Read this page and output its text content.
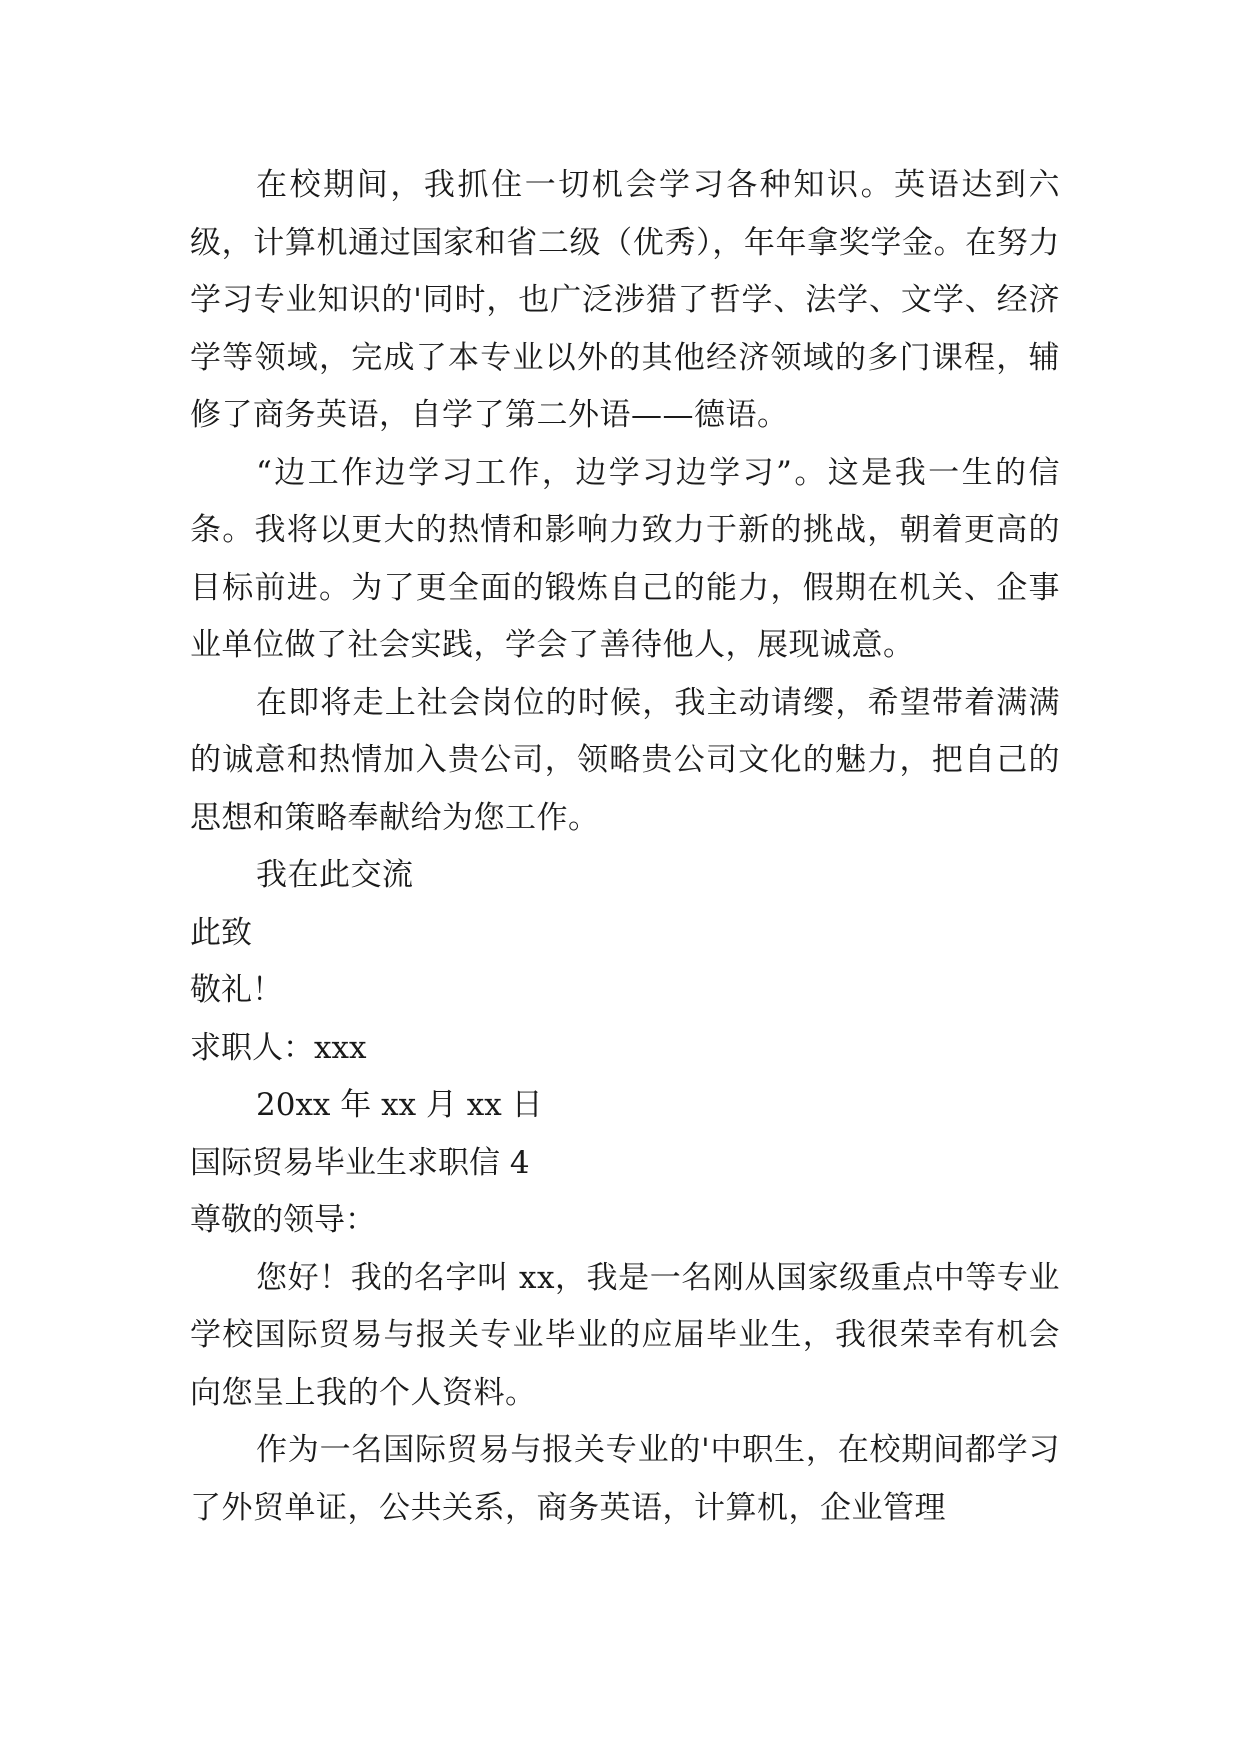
在校期间，我抓住一切机会学习各种知识。英语达到六级，计算机通过国家和省二级（优秀），年年拿奖学金。在努力学习专业知识的'同时，也广泛涉猎了哲学、法学、文学、经济学等领域，完成了本专业以外的其他经济领域的多门课程，辅修了商务英语，自学了第二外语——德语。

“边工作边学习工作，边学习边学习”。这是我一生的信条。我将以更大的热情和影响力致力于新的挑战，朝着更高的目标前进。为了更全面的锻炼自己的能力，假期在机关、企事业单位做了社会实践，学会了善待他人，展现诚意。

在即将走上社会岗位的时候，我主动请缨，希望带着满满的诚意和热情加入贵公司，领略贵公司文化的魅力，把自己的思想和策略奉献给为您工作。

我在此交流

此致

敬礼！

求职人：xxx

20xx 年 xx 月 xx 日

国际贸易毕业生求职信 4

尊敬的领导：

您好！我的名字叫 xx，我是一名刚从国家级重点中等专业学校国际贸易与报关专业毕业的应届毕业生，我很荣幸有机会向您呈上我的个人资料。

作为一名国际贸易与报关专业的'中职生，在校期间都学习了外贸单证，公共关系，商务英语，计算机，企业管理
